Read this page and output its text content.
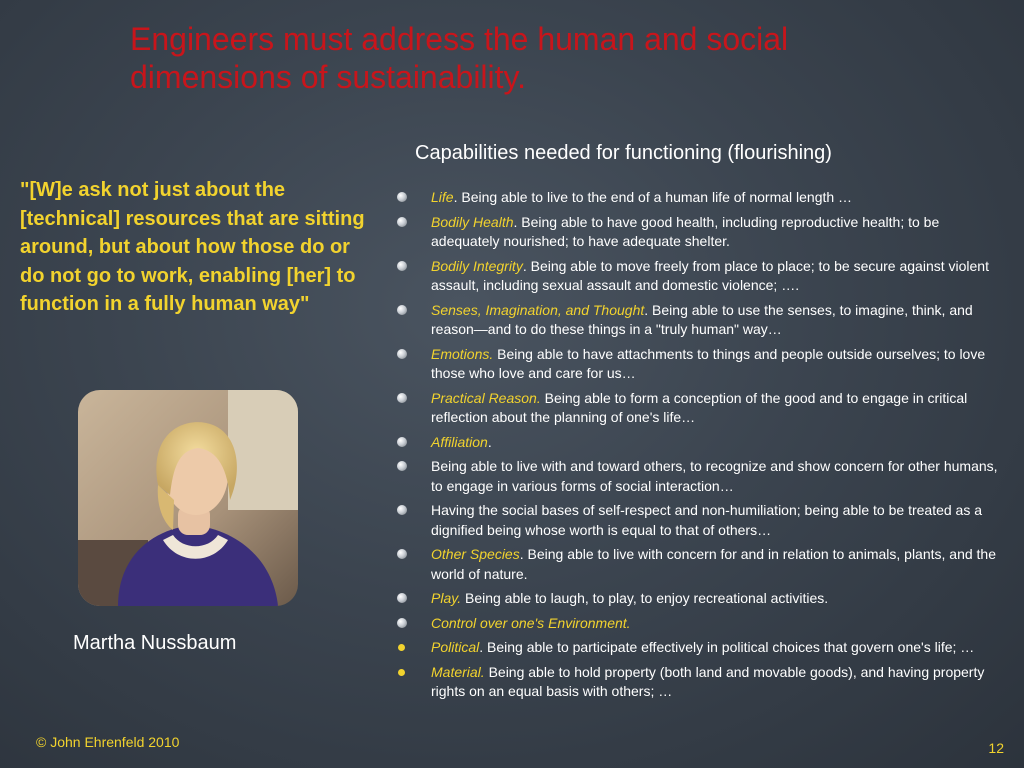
Engineers must address the human and social dimensions of sustainability.
"[W]e ask not just about the [technical] resources that are sitting around, but about how those do or do not go to work, enabling [her] to function in a fully human way"
Martha Nussbaum
Capabilities needed for functioning (flourishing)
Life. Being able to live to the end of a human life of normal length …
Bodily Health. Being able to have good health, including reproductive health; to be adequately nourished; to have adequate shelter.
Bodily Integrity. Being able to move freely from place to place; to be secure against violent assault, including sexual assault and domestic violence; ….
Senses, Imagination, and Thought. Being able to use the senses, to imagine, think, and reason—and to do these things in a "truly human" way…
Emotions. Being able to have attachments to things and people outside ourselves; to love those who love and care for us…
Practical Reason. Being able to form a conception of the good and to engage in critical reflection about the planning of one's life…
Affiliation.
Being able to live with and toward others, to recognize and show concern for other humans, to engage in various forms of social interaction…
Having the social bases of self-respect and non-humiliation; being able to be treated as a dignified being whose worth is equal to that of others…
Other Species. Being able to live with concern for and in relation to animals, plants, and the world of nature.
Play. Being able to laugh, to play, to enjoy recreational activities.
Control over one's Environment.
Political. Being able to participate effectively in political choices that govern one's life; …
Material. Being able to hold property (both land and movable goods), and having property rights on an equal basis with others; …
© John Ehrenfeld 2010	12
